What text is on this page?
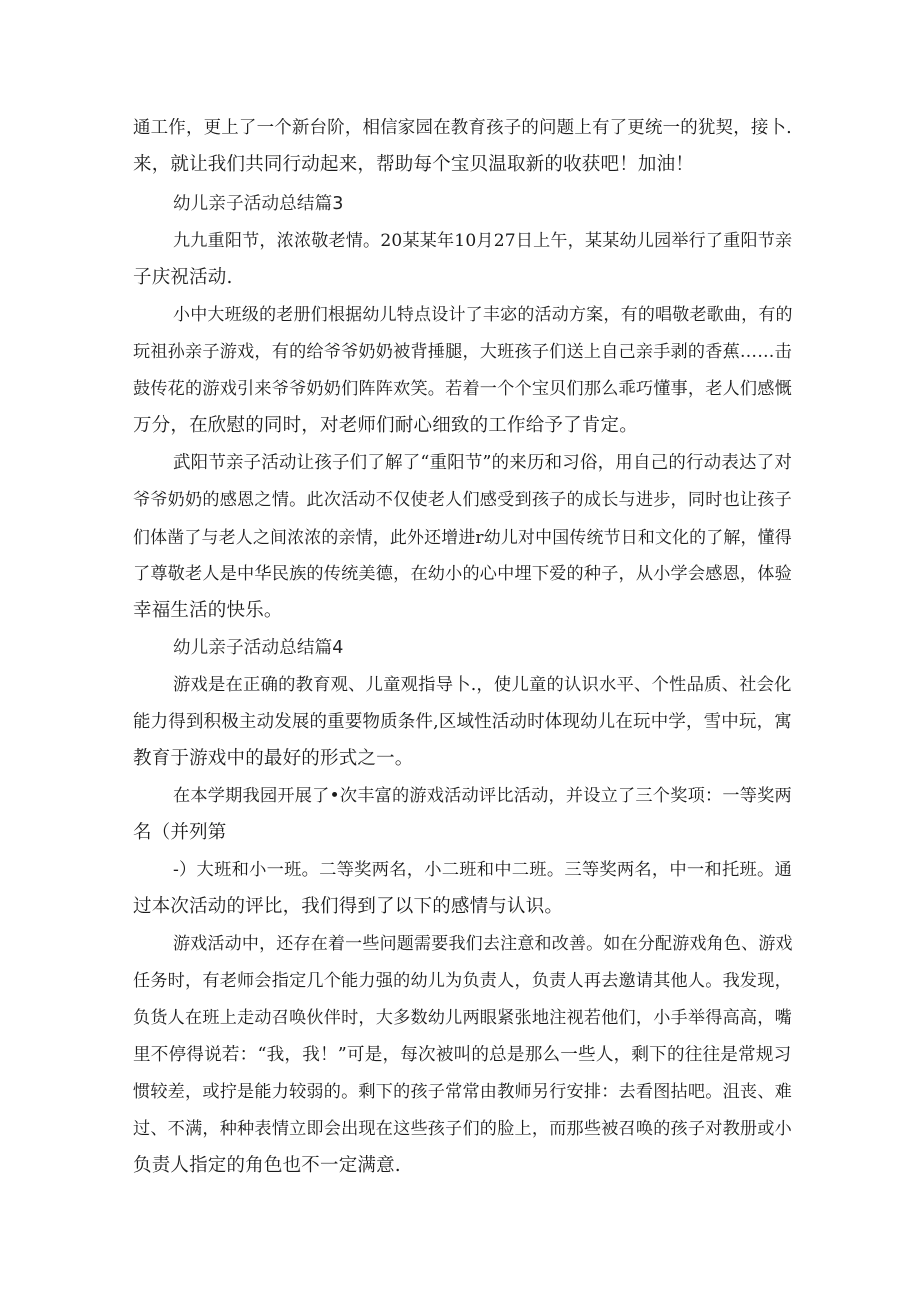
通工作，更上了一个新台阶，相信家园在教育孩子的问题上有了更统一的犹契，接卜.
来，就让我们共同行动起来，帮助每个宝贝温取新的收获吧！加油！
幼儿亲子活动总结篇3
九九重阳节，浓浓敬老情。20某某年10月27日上午，某某幼儿园举行了重阳节亲
子庆祝活动.
小中大班级的老册们根据幼儿特点设计了丰宓的活动方案，有的唱敬老歌曲，有的
玩祖孙亲子游戏，有的给爷爷奶奶被背捶腿，大班孩子们送上自己亲手剥的香蕉……击
鼓传花的游戏引来爷爷奶奶们阵阵欢笑。若着一个个宝贝们那么乖巧懂事，老人们感慨
万分，在欣慰的同时，对老师们耐心细致的工作给予了肯定。
武阳节亲子活动让孩子们了解了“重阳节”的来历和习俗，用自己的行动表达了对
爷爷奶奶的感恩之情。此次活动不仅使老人们感受到孩子的成长与进步，同时也让孩子
们体凿了与老人之间浓浓的亲情，此外还增进r幼儿对中国传统节日和文化的了解，懂得
了尊敬老人是中华民族的传统美德，在幼小的心中埋下爱的种子，从小学会感恩，体验
幸福生活的快乐。
幼儿亲子活动总结篇4
游戏是在正确的教育观、儿童观指导卜.，使儿童的认识水平、个性品质、社会化
能力得到积极主动发展的重要物质条件,区域性活动时体现幼儿在玩中学，雪中玩，寓
教育于游戏中的最好的形式之一。
在本学期我园开展了•次丰富的游戏活动评比活动，并设立了三个奖项：一等奖两
名（并列第
-）大班和小一班。二等奖两名，小二班和中二班。三等奖两名，中一和托班。通
过本次活动的评比，我们得到了以下的感情与认识。
游戏活动中，还存在着一些问题需要我们去注意和改善。如在分配游戏角色、游戏
任务时，有老师会指定几个能力强的幼儿为负责人，负责人再去邀请其他人。我发现，
负货人在班上走动召唤伙伴时，大多数幼儿两眼紧张地注视若他们，小手举得高高，嘴
里不停得说若：“我，我！”可是，每次被叫的总是那么一些人，剩下的往往是常规习
惯较差，或拧是能力较弱的。剩下的孩子常常由教师另行安排：去看图拈吧。沮丧、难
过、不满，种种表情立即会出现在这些孩子们的脸上，而那些被召唤的孩子对教册或小
负责人指定的角色也不一定满意.
